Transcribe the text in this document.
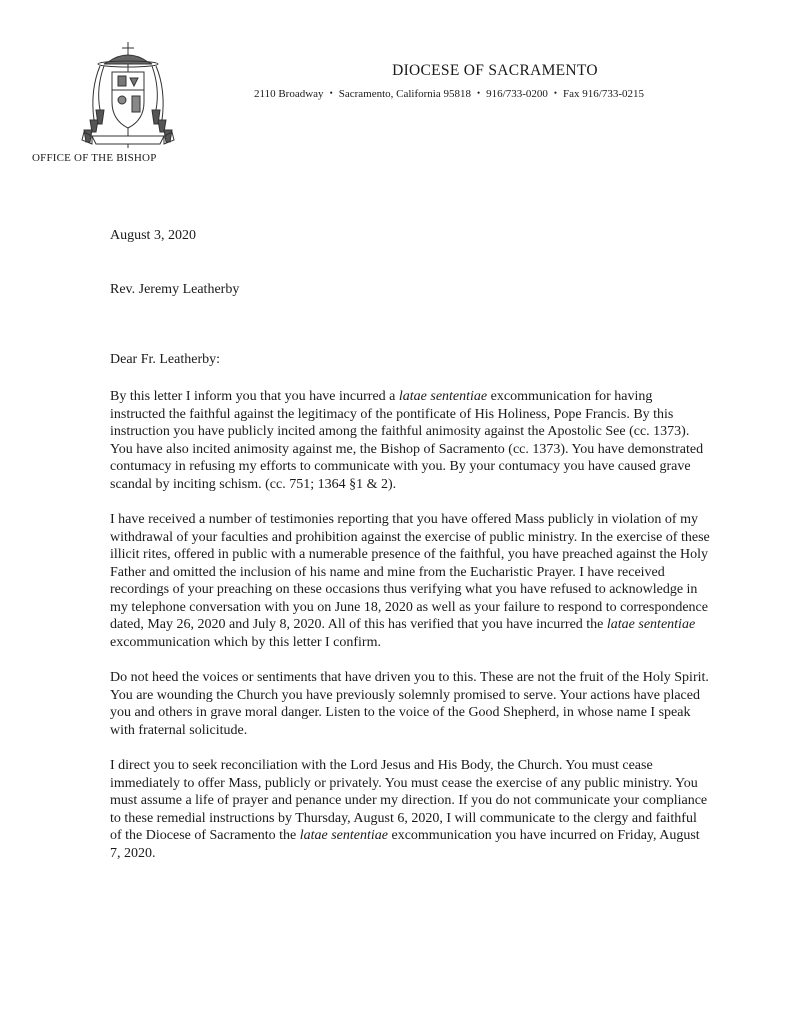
DIOCESE OF SACRAMENTO
2110 Broadway • Sacramento, California 95818 • 916/733-0200 • Fax 916/733-0215
OFFICE OF THE BISHOP
August 3, 2020
Rev. Jeremy Leatherby
Dear Fr. Leatherby:

By this letter I inform you that you have incurred a latae sententiae excommunication for having instructed the faithful against the legitimacy of the pontificate of His Holiness, Pope Francis. By this instruction you have publicly incited among the faithful animosity against the Apostolic See (cc. 1373). You have also incited animosity against me, the Bishop of Sacramento (cc. 1373). You have demonstrated contumacy in refusing my efforts to communicate with you. By your contumacy you have caused grave scandal by inciting schism. (cc. 751; 1364 §1 & 2).

I have received a number of testimonies reporting that you have offered Mass publicly in violation of my withdrawal of your faculties and prohibition against the exercise of public ministry. In the exercise of these illicit rites, offered in public with a numerable presence of the faithful, you have preached against the Holy Father and omitted the inclusion of his name and mine from the Eucharistic Prayer. I have received recordings of your preaching on these occasions thus verifying what you have refused to acknowledge in my telephone conversation with you on June 18, 2020 as well as your failure to respond to correspondence dated, May 26, 2020 and July 8, 2020. All of this has verified that you have incurred the latae sententiae excommunication which by this letter I confirm.

Do not heed the voices or sentiments that have driven you to this. These are not the fruit of the Holy Spirit. You are wounding the Church you have previously solemnly promised to serve. Your actions have placed you and others in grave moral danger. Listen to the voice of the Good Shepherd, in whose name I speak with fraternal solicitude.

I direct you to seek reconciliation with the Lord Jesus and His Body, the Church. You must cease immediately to offer Mass, publicly or privately. You must cease the exercise of any public ministry. You must assume a life of prayer and penance under my direction. If you do not communicate your compliance to these remedial instructions by Thursday, August 6, 2020, I will communicate to the clergy and faithful of the Diocese of Sacramento the latae sententiae excommunication you have incurred on Friday, August 7, 2020.
